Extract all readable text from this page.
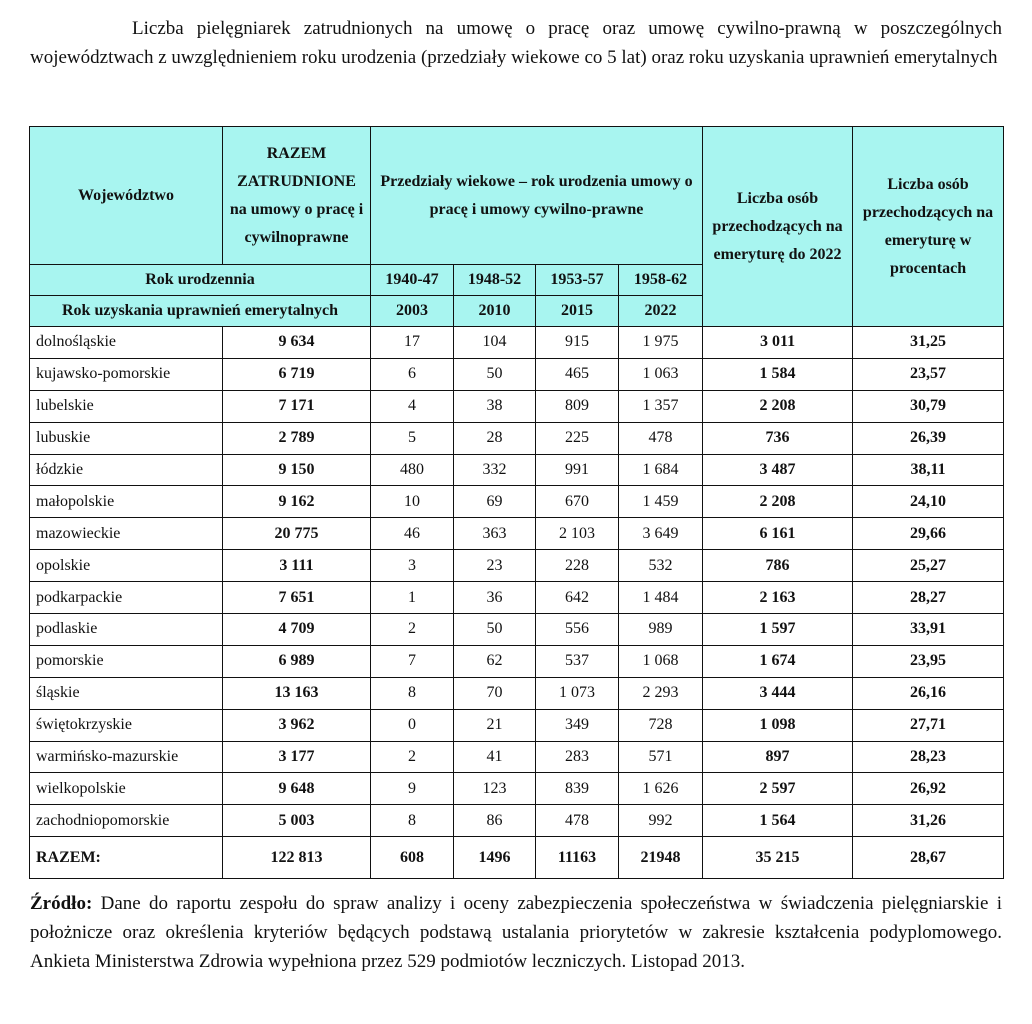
Liczba pielęgniarek zatrudnionych na umowę o pracę oraz umowę cywilno-prawną w poszczególnych województwach z uwzględnieniem roku urodzenia (przedziały wiekowe co 5 lat) oraz roku uzyskania uprawnień emerytalnych
Województwo	RAZEM ZATRUDNIONE na umowy o pracę i cywilnoprawne	Przedziały wiekowe – rok urodzenia umowy o pracę i umowy cywilno-prawne				Liczba osób przechodzących na emeryturę do 2022	Liczba osób przechodzących na emeryturę w procentach
Rok urodzennia		1940-47	1948-52	1953-57	1958-62		
Rok uzyskania uprawnień emerytalnych		2003	2010	2015	2022		
dolnośląskie	9 634	17	104	915	1 975	3 011	31,25
kujawsko-pomorskie	6 719	6	50	465	1 063	1 584	23,57
lubelskie	7 171	4	38	809	1 357	2 208	30,79
lubuskie	2 789	5	28	225	478	736	26,39
łódzkie	9 150	480	332	991	1 684	3 487	38,11
małopolskie	9 162	10	69	670	1 459	2 208	24,10
mazowieckie	20 775	46	363	2 103	3 649	6 161	29,66
opolskie	3 111	3	23	228	532	786	25,27
podkarpackie	7 651	1	36	642	1 484	2 163	28,27
podlaskie	4 709	2	50	556	989	1 597	33,91
pomorskie	6 989	7	62	537	1 068	1 674	23,95
śląskie	13 163	8	70	1 073	2 293	3 444	26,16
świętokrzyskie	3 962	0	21	349	728	1 098	27,71
warmińsko-mazurskie	3 177	2	41	283	571	897	28,23
wielkopolskie	9 648	9	123	839	1 626	2 597	26,92
zachodniopomorskie	5 003	8	86	478	992	1 564	31,26
RAZEM:	122 813	608	1496	11163	21948	35 215	28,67
Źródło: Dane do raportu zespołu do spraw analizy i oceny zabezpieczenia społeczeństwa w świadczenia pielęgniarskie i położnicze oraz określenia kryteriów będących podstawą ustalania priorytetów w zakresie kształcenia podyplomowego. Ankieta Ministerstwa Zdrowia wypełniona przez 529 podmiotów leczniczych. Listopad 2013.
